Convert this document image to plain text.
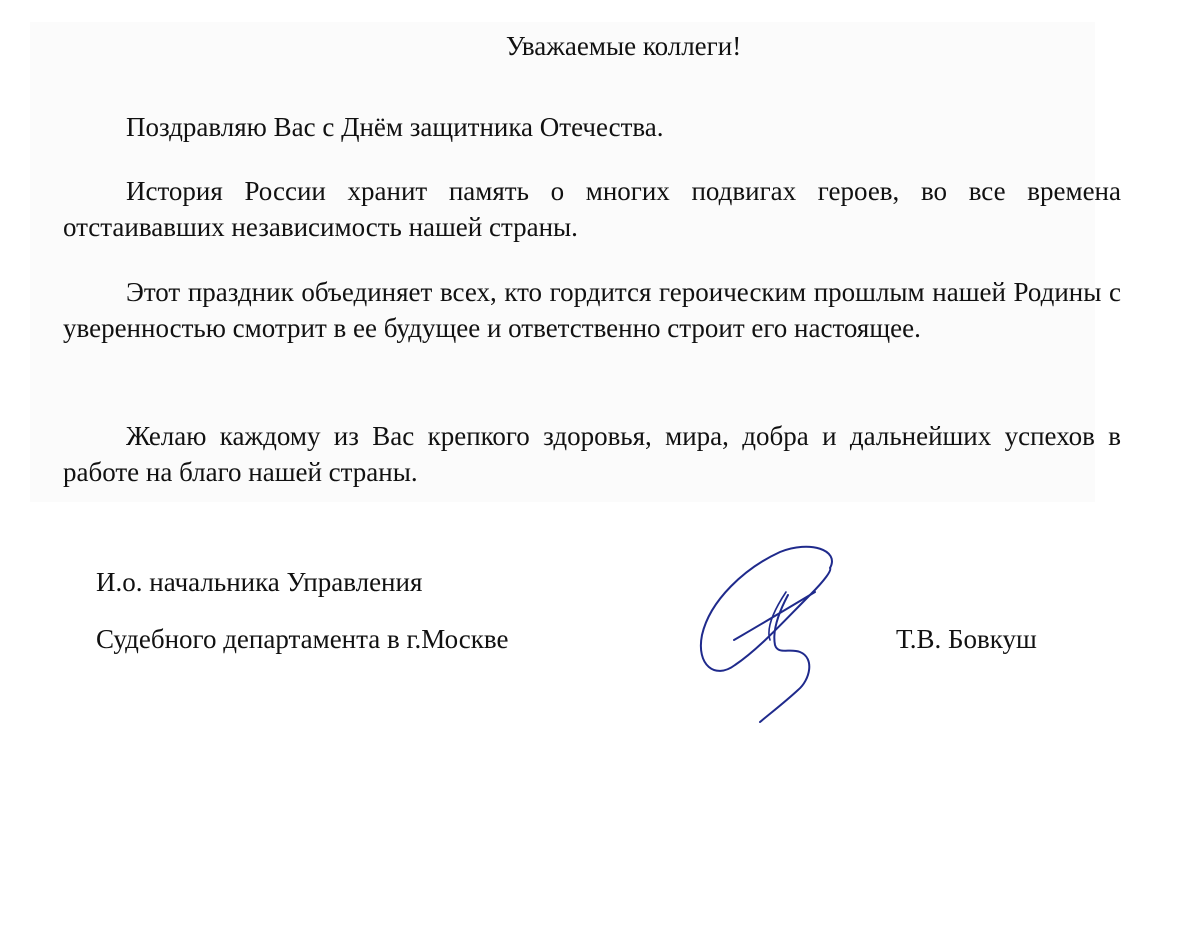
Уважаемые коллеги!
Поздравляю Вас с Днём защитника Отечества.
История России хранит память о многих подвигах героев, во все времена отстаивавших независимость нашей страны.
Этот праздник объединяет всех, кто гордится героическим прошлым нашей Родины с уверенностью смотрит в ее будущее и ответственно строит его настоящее.
Желаю каждому из Вас крепкого здоровья, мира, добра и дальнейших успехов в работе на благо нашей страны.
И.о. начальника Управления
Судебного департамента в г.Москве	Т.В. Бовкуш
